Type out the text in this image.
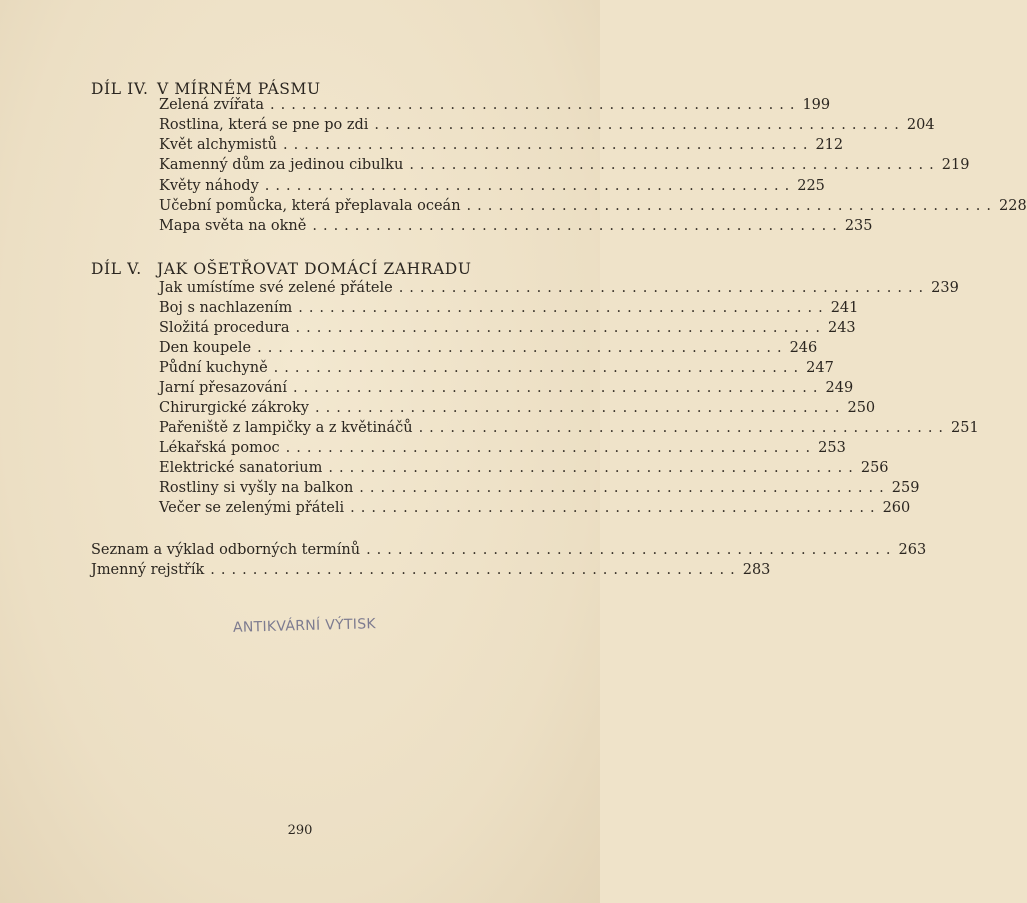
DÍL IV. V MÍRNÉM PÁSMU
Zelená zvířata .................................................. 199
Rostlina, která se pne po zdi .................................................. 204
Květ alchymistů .................................................. 212
Kamenný dům za jedinou cibulku .................................................. 219
Květy náhody .................................................. 225
Učební pomůcka, která přeplavala oceán .................................................. 228
Mapa světa na okně .................................................. 235
DÍL V. JAK OŠETŘOVAT DOMÁCÍ ZAHRADU
Jak umístíme své zelené přátele .................................................. 239
Boj s nachlazením .................................................. 241
Složitá procedura .................................................. 243
Den koupele .................................................. 246
Půdní kuchyně .................................................. 247
Jarní přesazování .................................................. 249
Chirurgické zákroky .................................................. 250
Pařeniště z lampičky a z květináčů .................................................. 251
Lékařská pomoc .................................................. 253
Elektrické sanatorium .................................................. 256
Rostliny si vyšly na balkon .................................................. 259
Večer se zelenými přáteli .................................................. 260
Seznam a výklad odborných termínů .................................................. 263
Jmenný rejstřík .................................................. 283
ANTIKVÁRNÍ VÝTISK
290
